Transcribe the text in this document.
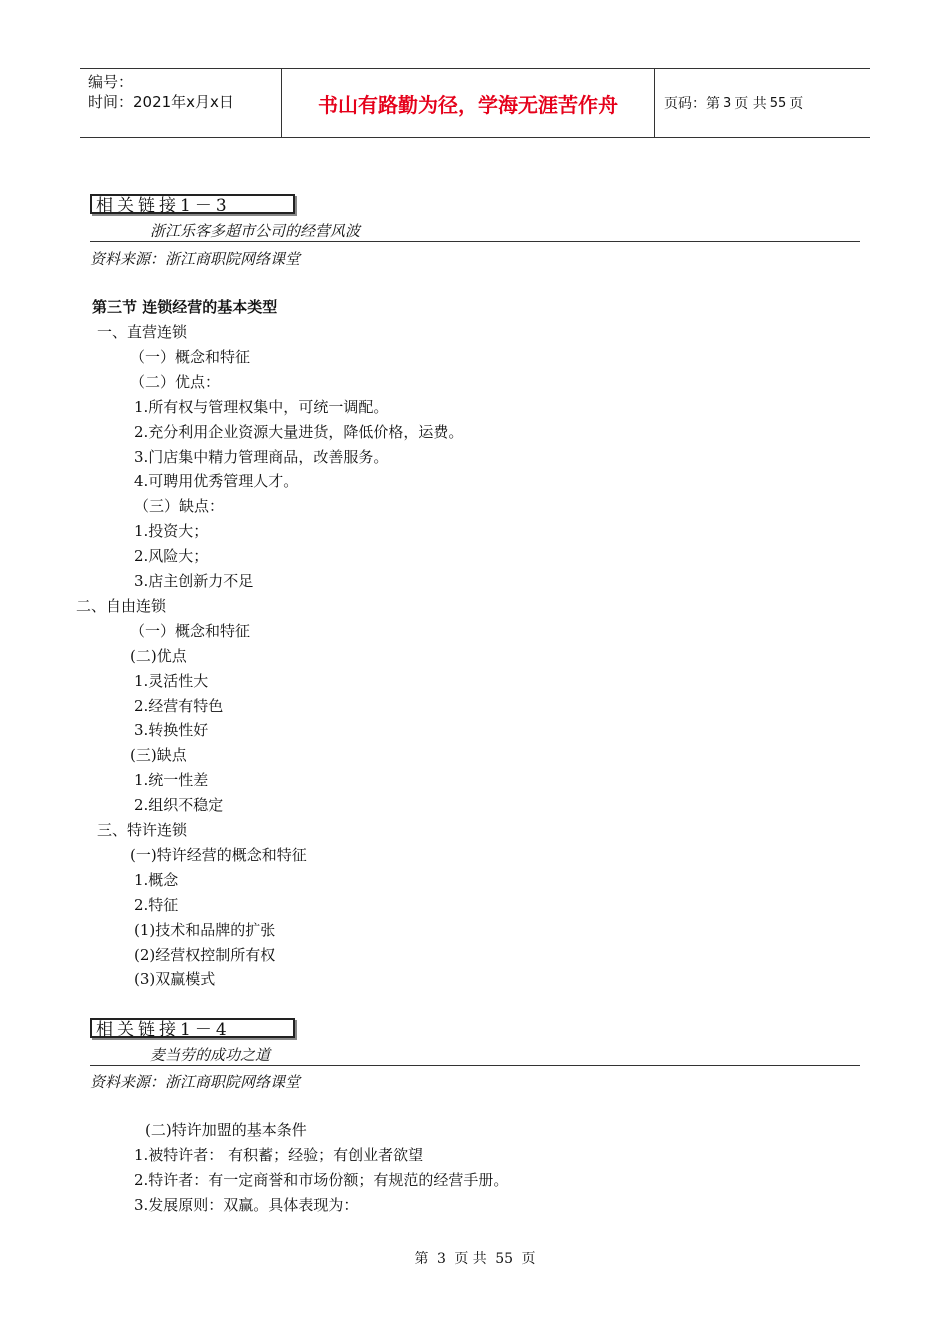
编号：
时间：2021年x月x日	书山有路勤为径，学海无涯苦作舟	页码：第 3 页 共 55 页
相关链接1－3
浙江乐客多超市公司的经营风波
资料来源：浙江商职院网络课堂
第三节 连锁经营的基本类型
一、直营连锁
（一）概念和特征
（二）优点：
1.所有权与管理权集中，可统一调配。
2.充分利用企业资源大量进货，降低价格，运费。
3.门店集中精力管理商品，改善服务。
4.可聘用优秀管理人才。
（三）缺点：
1.投资大；
2.风险大；
3.店主创新力不足
二、自由连锁
（一）概念和特征
(二)优点
1.灵活性大
2.经营有特色
3.转换性好
(三)缺点
1.统一性差
2.组织不稳定
三、特许连锁
(一)特许经营的概念和特征
1.概念
2.特征
(1)技术和品牌的扩张
(2)经营权控制所有权
(3)双赢模式
相关链接1－4
麦当劳的成功之道
资料来源：浙江商职院网络课堂
(二)特许加盟的基本条件
1.被特许者： 有积蓄；经验；有创业者欲望
2.特许者：有一定商誉和市场份额；有规范的经营手册。
3.发展原则：双赢。具体表现为：
第 3 页 共 55 页
